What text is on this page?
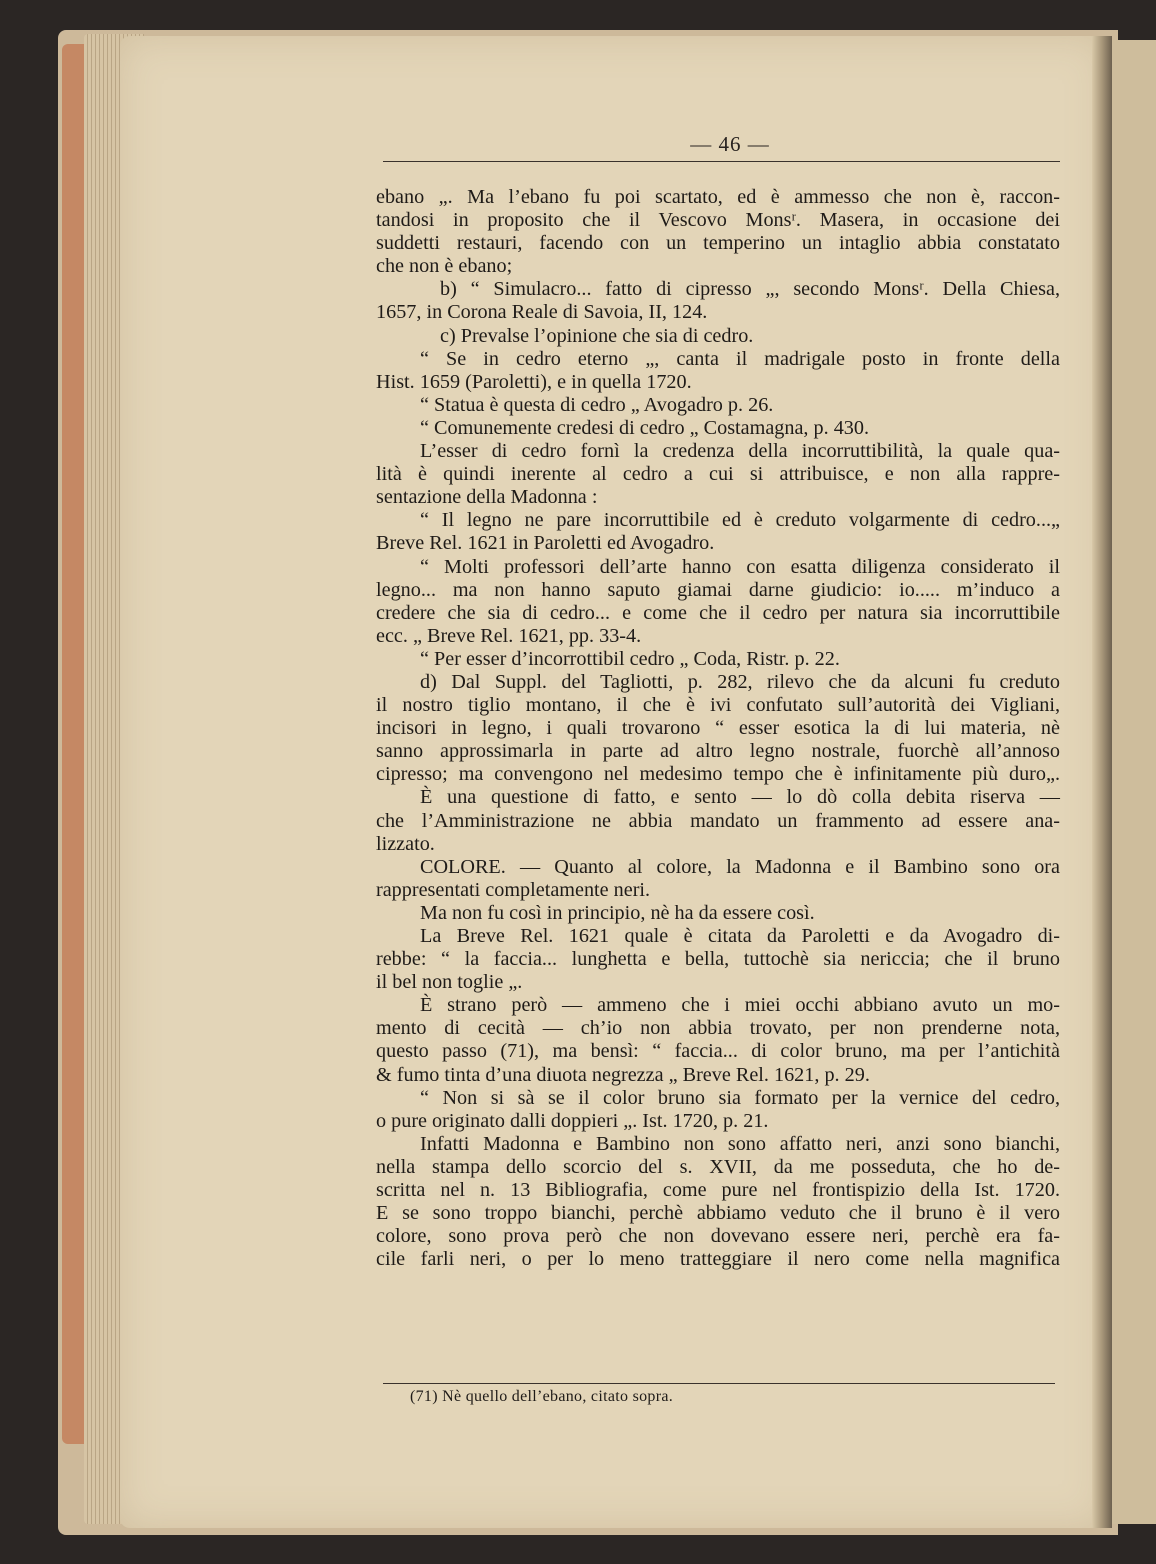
— 46 —
ebano „. Ma l’ebano fu poi scartato, ed è ammesso che non è, raccon-
tandosi in proposito che il Vescovo Monsʳ. Masera, in occasione dei
suddetti restauri, facendo con un temperino un intaglio abbia constatato
che non è ebano;
b) “ Simulacro... fatto di cipresso „, secondo Monsʳ. Della Chiesa,
1657, in Corona Reale di Savoia, II, 124.
c) Prevalse l’opinione che sia di cedro.
“ Se in cedro eterno „, canta il madrigale posto in fronte della
Hist. 1659 (Paroletti), e in quella 1720.
“ Statua è questa di cedro „ Avogadro p. 26.
“ Comunemente credesi di cedro „ Costamagna, p. 430.
L’esser di cedro fornì la credenza della incorruttibilità, la quale qua-
lità è quindi inerente al cedro a cui si attribuisce, e non alla rappre-
sentazione della Madonna :
“ Il legno ne pare incorruttibile ed è creduto volgarmente di cedro...„
Breve Rel. 1621 in Paroletti ed Avogadro.
“ Molti professori dell’arte hanno con esatta diligenza considerato il
legno... ma non hanno saputo giamai darne giudicio: io..... m’induco a
credere che sia di cedro... e come che il cedro per natura sia incorruttibile
ecc. „ Breve Rel. 1621, pp. 33-4.
“ Per esser d’incorrottibil cedro „ Coda, Ristr. p. 22.
d) Dal Suppl. del Tagliotti, p. 282, rilevo che da alcuni fu creduto
il nostro tiglio montano, il che è ivi confutato sull’autorità dei Vigliani,
incisori in legno, i quali trovarono “ esser esotica la di lui materia, nè
sanno approssimarla in parte ad altro legno nostrale, fuorchè all’annoso
cipresso; ma convengono nel medesimo tempo che è infinitamente più duro„.
È una questione di fatto, e sento — lo dò colla debita riserva —
che l’Amministrazione ne abbia mandato un frammento ad essere ana-
lizzato.
COLORE. — Quanto al colore, la Madonna e il Bambino sono ora
rappresentati completamente neri.
Ma non fu così in principio, nè ha da essere così.
La Breve Rel. 1621 quale è citata da Paroletti e da Avogadro di-
rebbe: “ la faccia... lunghetta e bella, tuttochè sia nericcia; che il bruno
il bel non toglie „.
È strano però — ammeno che i miei occhi abbiano avuto un mo-
mento di cecità — ch’io non abbia trovato, per non prenderne nota,
questo passo (71), ma bensì: “ faccia... di color bruno, ma per l’antichità
& fumo tinta d’una diuota negrezza „ Breve Rel. 1621, p. 29.
“ Non si sà se il color bruno sia formato per la vernice del cedro,
o pure originato dalli doppieri „. Ist. 1720, p. 21.
Infatti Madonna e Bambino non sono affatto neri, anzi sono bianchi,
nella stampa dello scorcio del s. XVII, da me posseduta, che ho de-
scritta nel n. 13 Bibliografia, come pure nel frontispizio della Ist. 1720.
E se sono troppo bianchi, perchè abbiamo veduto che il bruno è il vero
colore, sono prova però che non dovevano essere neri, perchè era fa-
cile farli neri, o per lo meno tratteggiare il nero come nella magnifica
(71) Nè quello dell’ebano, citato sopra.
